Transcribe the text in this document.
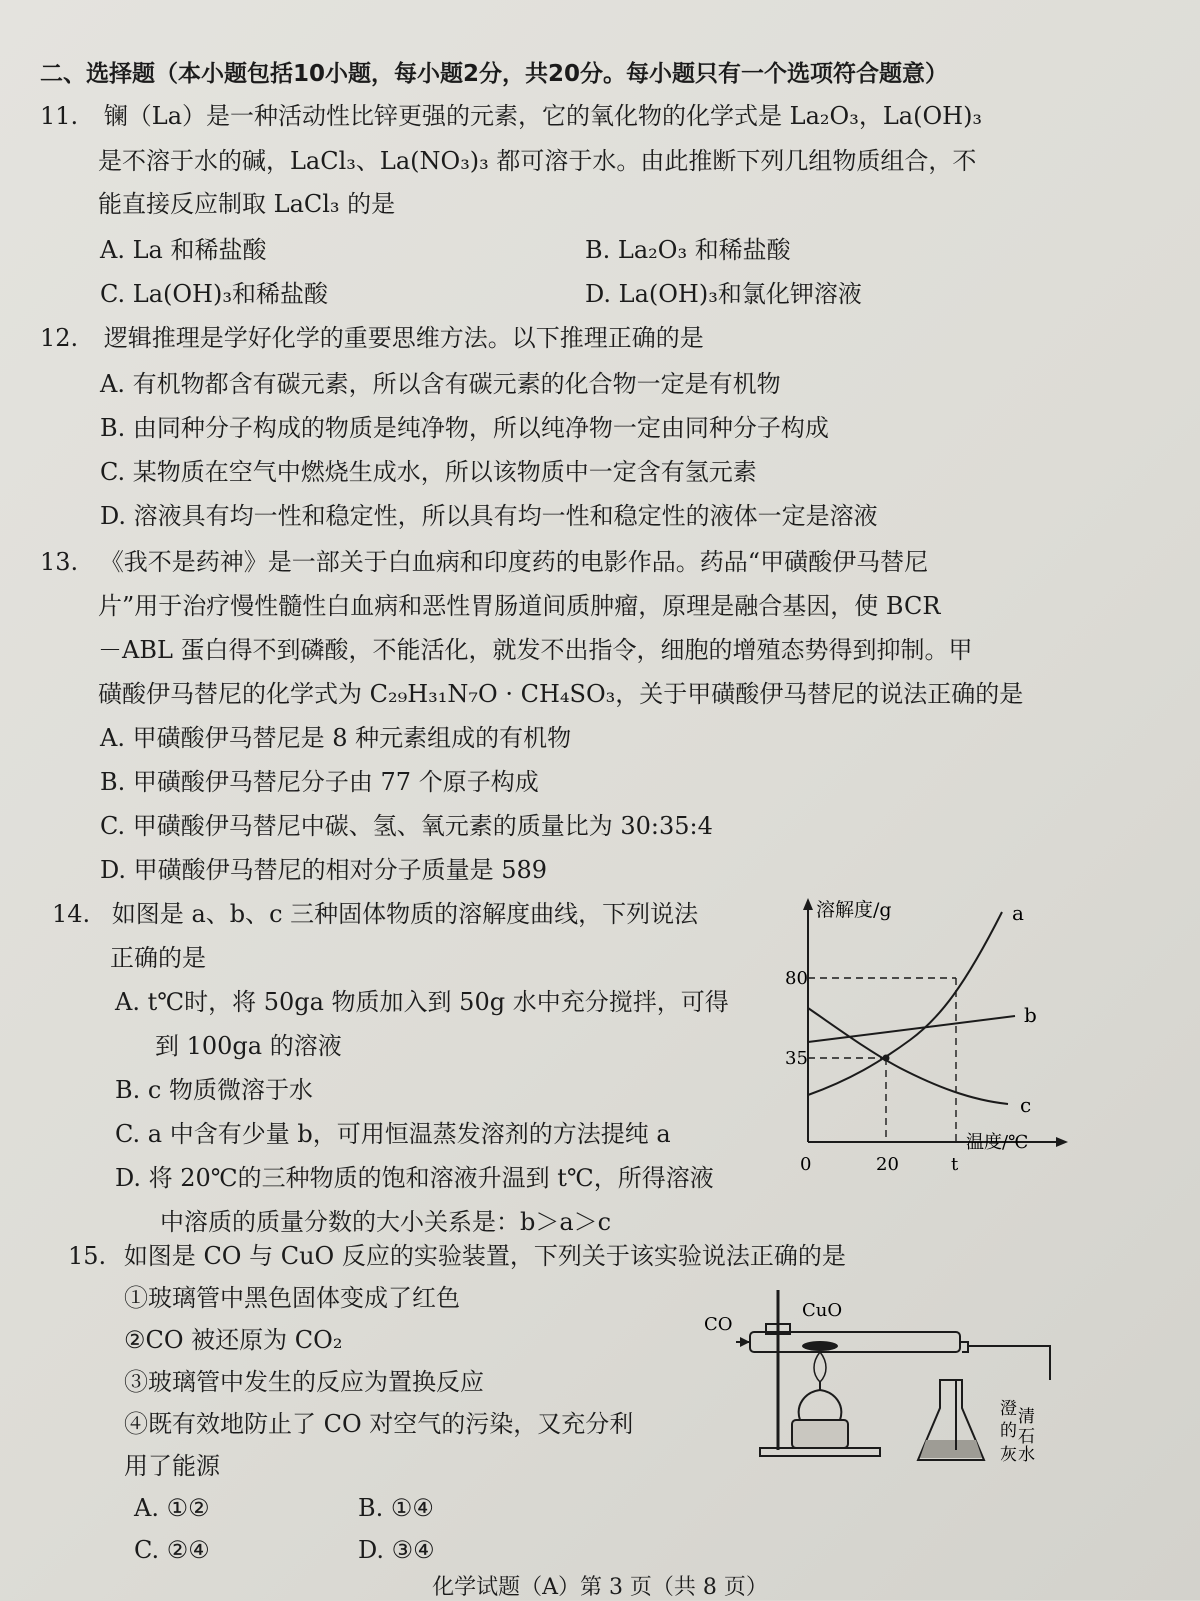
二、选择题（本小题包括10小题，每小题2分，共20分。每小题只有一个选项符合题意）
11. 镧（La）是一种活动性比锌更强的元素，它的氧化物的化学式是 La₂O₃，La(OH)₃
是不溶于水的碱，LaCl₃、La(NO₃)₃ 都可溶于水。由此推断下列几组物质组合，不
能直接反应制取 LaCl₃ 的是
A. La 和稀盐酸	B. La₂O₃ 和稀盐酸
C. La(OH)₃和稀盐酸	D. La(OH)₃和氯化钾溶液
12. 逻辑推理是学好化学的重要思维方法。以下推理正确的是
A. 有机物都含有碳元素，所以含有碳元素的化合物一定是有机物
B. 由同种分子构成的物质是纯净物，所以纯净物一定由同种分子构成
C. 某物质在空气中燃烧生成水，所以该物质中一定含有氢元素
D. 溶液具有均一性和稳定性，所以具有均一性和稳定性的液体一定是溶液
13. 《我不是药神》是一部关于白血病和印度药的电影作品。药品“甲磺酸伊马替尼
片”用于治疗慢性髓性白血病和恶性胃肠道间质肿瘤，原理是融合基因，使 BCR
－ABL 蛋白得不到磷酸，不能活化，就发不出指令，细胞的增殖态势得到抑制。甲
磺酸伊马替尼的化学式为 C₂₉H₃₁N₇O · CH₄SO₃，关于甲磺酸伊马替尼的说法正确的是
A. 甲磺酸伊马替尼是 8 种元素组成的有机物
B. 甲磺酸伊马替尼分子由 77 个原子构成
C. 甲磺酸伊马替尼中碳、氢、氧元素的质量比为 30:35:4
D. 甲磺酸伊马替尼的相对分子质量是 589
14. 如图是 a、b、c 三种固体物质的溶解度曲线，下列说法
正确的是
A. t℃时，将 50ga 物质加入到 50g 水中充分搅拌，可得
到 100ga 的溶液
B. c 物质微溶于水
C. a 中含有少量 b，可用恒温蒸发溶剂的方法提纯 a
D. 将 20℃的三种物质的饱和溶液升温到 t℃，所得溶液
中溶质的质量分数的大小关系是：b＞a＞c
溶解度/g
温度/℃
80
35
0	20	t
a
b
c
15. 如图是 CO 与 CuO 反应的实验装置，下列关于该实验说法正确的是
①玻璃管中黑色固体变成了红色
②CO 被还原为 CO₂
③玻璃管中发生的反应为置换反应
④既有效地防止了 CO 对空气的污染，又充分利
用了能源
A. ①②	B. ①④
C. ②④	D. ③④
CO
CuO
澄 清
的 石
灰 水
化学试题（A）第 3 页（共 8 页）
